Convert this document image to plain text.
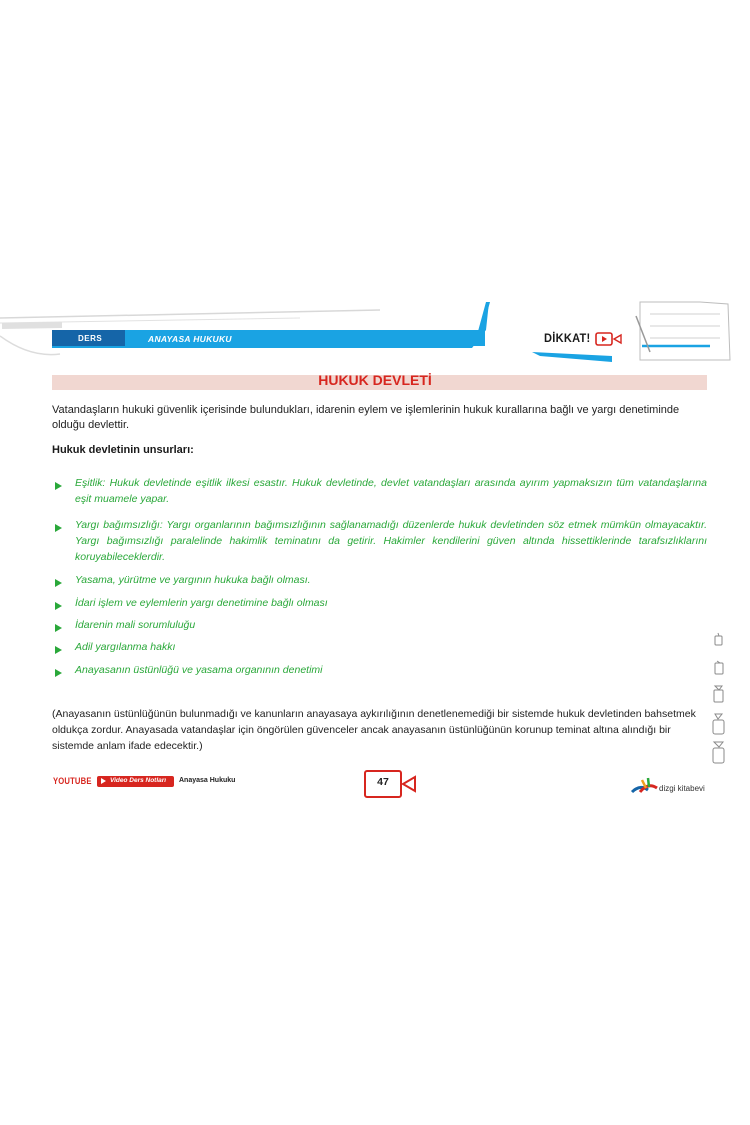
DERS	ANAYASA HUKUKU	DİKKAT!
HUKUK DEVLETİ
Vatandaşların hukuki güvenlik içerisinde bulundukları, idarenin eylem ve işlemlerinin hukuk kurallarına bağlı ve yargı denetiminde olduğu devlettir.
Hukuk devletinin unsurları:
Eşitlik: Hukuk devletinde eşitlik ilkesi esastır. Hukuk devletinde, devlet vatandaşları arasında ayırım yapmaksızın tüm vatandaşlarına eşit muamele yapar.
Yargı bağımsızlığı: Yargı organlarının bağımsızlığının sağlanamadığı düzenlerde hukuk devletinden söz etmek mümkün olmayacaktır. Yargı bağımsızlığı paralelinde hakimlik teminatını da getirir. Hakimler kendilerini güven altında hissettiklerinde tarafsızlıklarını koruyabileceklerdir.
Yasama, yürütme ve yargının hukuka bağlı olması.
İdari işlem ve eylemlerin yargı denetimine bağlı olması
İdarenin mali sorumluluğu
Adil yargılanma hakkı
Anayasanın üstünlüğü ve yasama organının denetimi
(Anayasanın üstünlüğünün bulunmadığı ve kanunların anayasaya aykırılığının denetlenemediği bir sistemde hukuk devletinden bahsetmek oldukça zordur. Anayasada vatandaşlar için öngörülen güvenceler ancak anayasanın üstünlüğünün korunup teminat altına alındığı bir sistemde anlam ifade edecektir.)
YOUTUBE	Video Ders Notları Anayasa Hukuku	47
dizgi kitabevi
